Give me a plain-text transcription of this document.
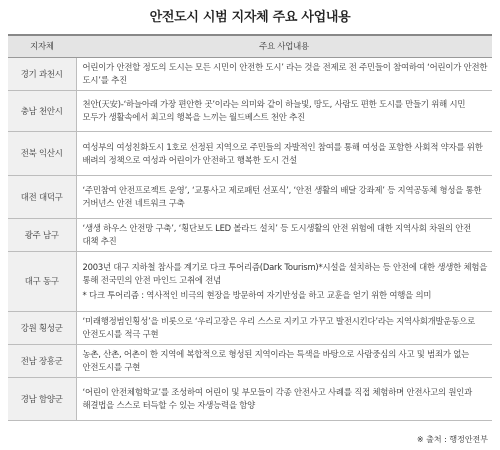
안전도시 시범 지자체 주요 사업내용
지자체	주요 사업내용
경기 과천시	어린이가 안전할 정도의 도시는 모든 시민이 안전한 도시’ 라는 것을 전제로 전 주민들이 참여하여 ‘어린이가 안전한 도시’를 추진
충남 천안시	천안(天安)-‘하늘아래 가장 편안한 곳’이라는 의미와 같이 하늘빛, 땅도, 사람도 편한 도시를 만들기 위해 시민 모두가 생활속에서 최고의 행복을 느끼는 월드베스트 천안 추진
전북 익산시	여성부의 여성친화도시 1호로 선정된 지역으로 주민들의 자발적인 참여를 통해 여성을 포함한 사회적 약자를 위한 배려의 정책으로 여성과 어린이가 안전하고 행복한 도시 건설
대전 대덕구	‘주민참여 안전프로젝트 운영’, ‘교통사고 제로패턴 선포식’, ‘안전 생활의 배달 강좌제’ 등 지역공동체 형성을 통한 거버넌스 안전 네트워크 구축
광주 남구	‘생생 하우스 안전망 구축’, ‘횡단보도 LED 볼라드 설치’ 등 도시생활의 안전 위험에 대한 지역사회 차원의 안전 대책 추진
대구 동구	2003년 대구 지하철 참사를 계기로 다크 투어리즘(Dark Tourism)*시설을 설치하는 등 안전에 대한 생생한 체험을 통해 전국민의 안전 마인드 고취에 전념
* 다크 투어리즘 : 역사적인 비극의 현장을 방문하여 자기반성을 하고 교훈을 얻기 위한 여행을 의미

강원 횡성군	‘미래행정범인횡성’을 비롯으로 ‘우리고장은 우리 스스로 지키고 가꾸고 발전시킨다’라는 지역사회개발운동으로 안전도시를 적극 구현
전남 장흥군	농촌, 산촌, 어촌이 한 지역에 복합적으로 형성된 지역이라는 특색을 바탕으로 사람중심의 사고 및 범죄가 없는 안전도시를 구현
경남 함양군	‘어린이 안전체험학교’를 조성하여 어린이 및 부모들이 각종 안전사고 사례를 직접 체험하며 안전사고의 원인과 해결법을 스스로 터득할 수 있는 자생능력을 함양
※ 출처 : 행정안전부
